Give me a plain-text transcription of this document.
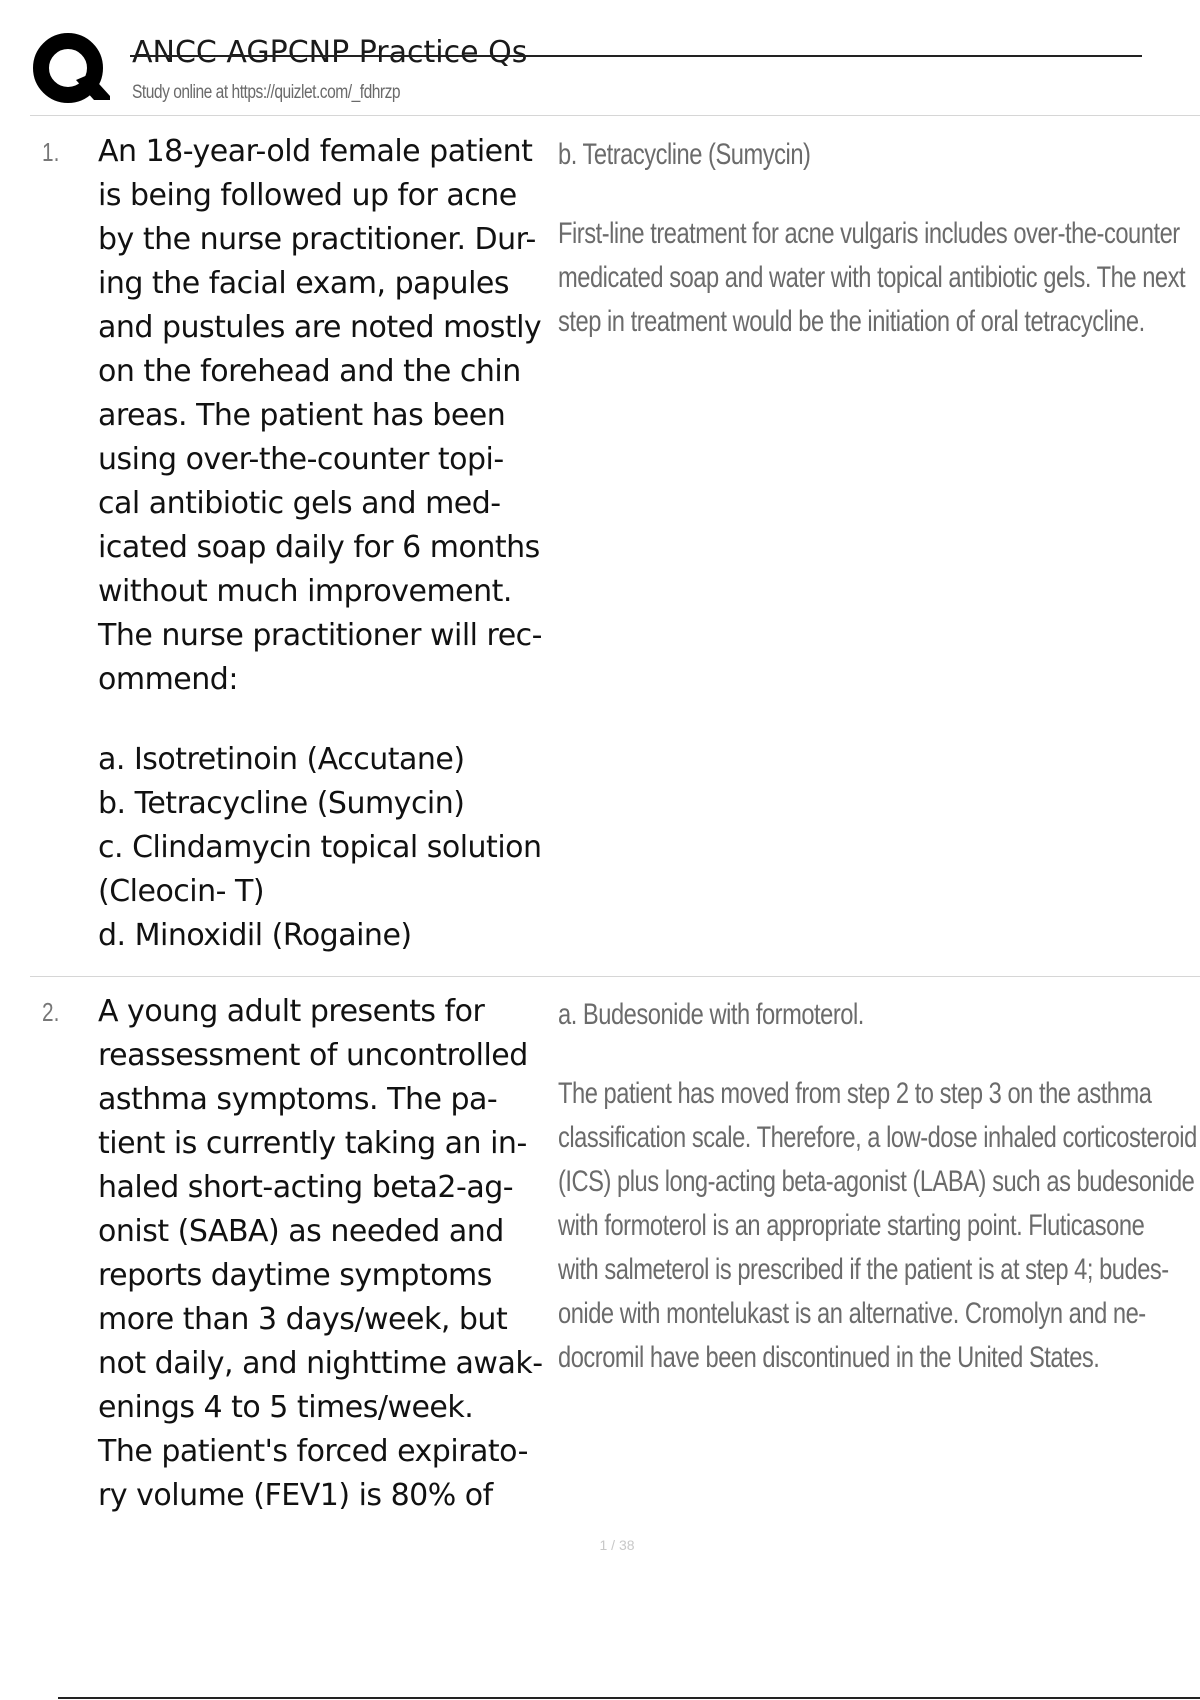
ANCC AGPCNP Practice Qs
Study online at https://quizlet.com/_fdhrzp
1. An 18-year-old female patient
is being followed up for acne
by the nurse practitioner. Dur-
ing the facial exam, papules
and pustules are noted mostly
on the forehead and the chin
areas. The patient has been
using over-the-counter topi-
cal antibiotic gels and med-
icated soap daily for 6 months
without much improvement.
The nurse practitioner will rec-
ommend:
a. Isotretinoin (Accutane)
b. Tetracycline (Sumycin)
c. Clindamycin topical solution
(Cleocin- T)
d. Minoxidil (Rogaine)
b. Tetracycline (Sumycin)
First-line treatment for acne vulgaris includes over-the-counter
medicated soap and water with topical antibiotic gels. The next
step in treatment would be the initiation of oral tetracycline.
2. A young adult presents for
reassessment of uncontrolled
asthma symptoms. The pa-
tient is currently taking an in-
haled short-acting beta2-ag-
onist (SABA) as needed and
reports daytime symptoms
more than 3 days/week, but
not daily, and nighttime awak-
enings 4 to 5 times/week.
The patient's forced expirato-
ry volume (FEV1) is 80% of
a. Budesonide with formoterol.
The patient has moved from step 2 to step 3 on the asthma
classification scale. Therefore, a low-dose inhaled corticosteroid
(ICS) plus long-acting beta-agonist (LABA) such as budesonide
with formoterol is an appropriate starting point. Fluticasone
with salmeterol is prescribed if the patient is at step 4; budes-
onide with montelukast is an alternative. Cromolyn and ne-
docromil have been discontinued in the United States.
1 / 38
